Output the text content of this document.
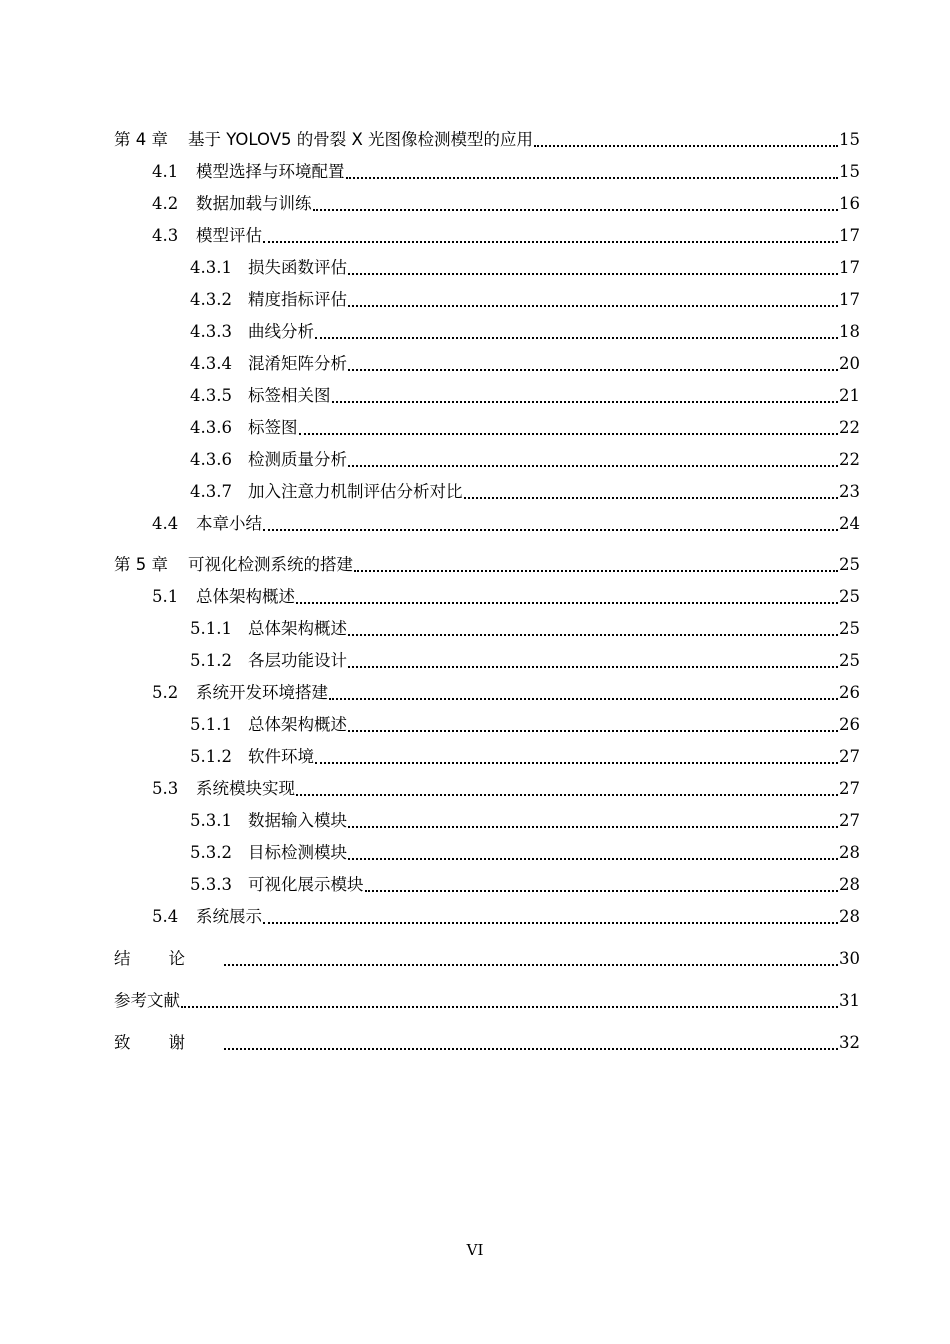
第 4 章	基于 YOLOV5 的骨裂 X 光图像检测模型的应用	15
4.1	模型选择与环境配置	15
4.2	数据加载与训练	16
4.3	模型评估	17
4.3.1 损失函数评估	17
4.3.2 精度指标评估	17
4.3.3 曲线分析	18
4.3.4 混淆矩阵分析	20
4.3.5 标签相关图	21
4.3.6 标签图	22
4.3.6 检测质量分析	22
4.3.7 加入注意力机制评估分析对比	23
4.4	本章小结	24
第 5 章	可视化检测系统的搭建	25
5.1	总体架构概述	25
5.1.1 总体架构概述	25
5.1.2 各层功能设计	25
5.2	系统开发环境搭建	26
5.1.1 总体架构概述	26
5.1.2 软件环境	27
5.3	系统模块实现	27
5.3.1 数据输入模块	27
5.3.2 目标检测模块	28
5.3.3 可视化展示模块	28
5.4	系统展示	28
结论	30
参考文献	31
致谢	32
VI
